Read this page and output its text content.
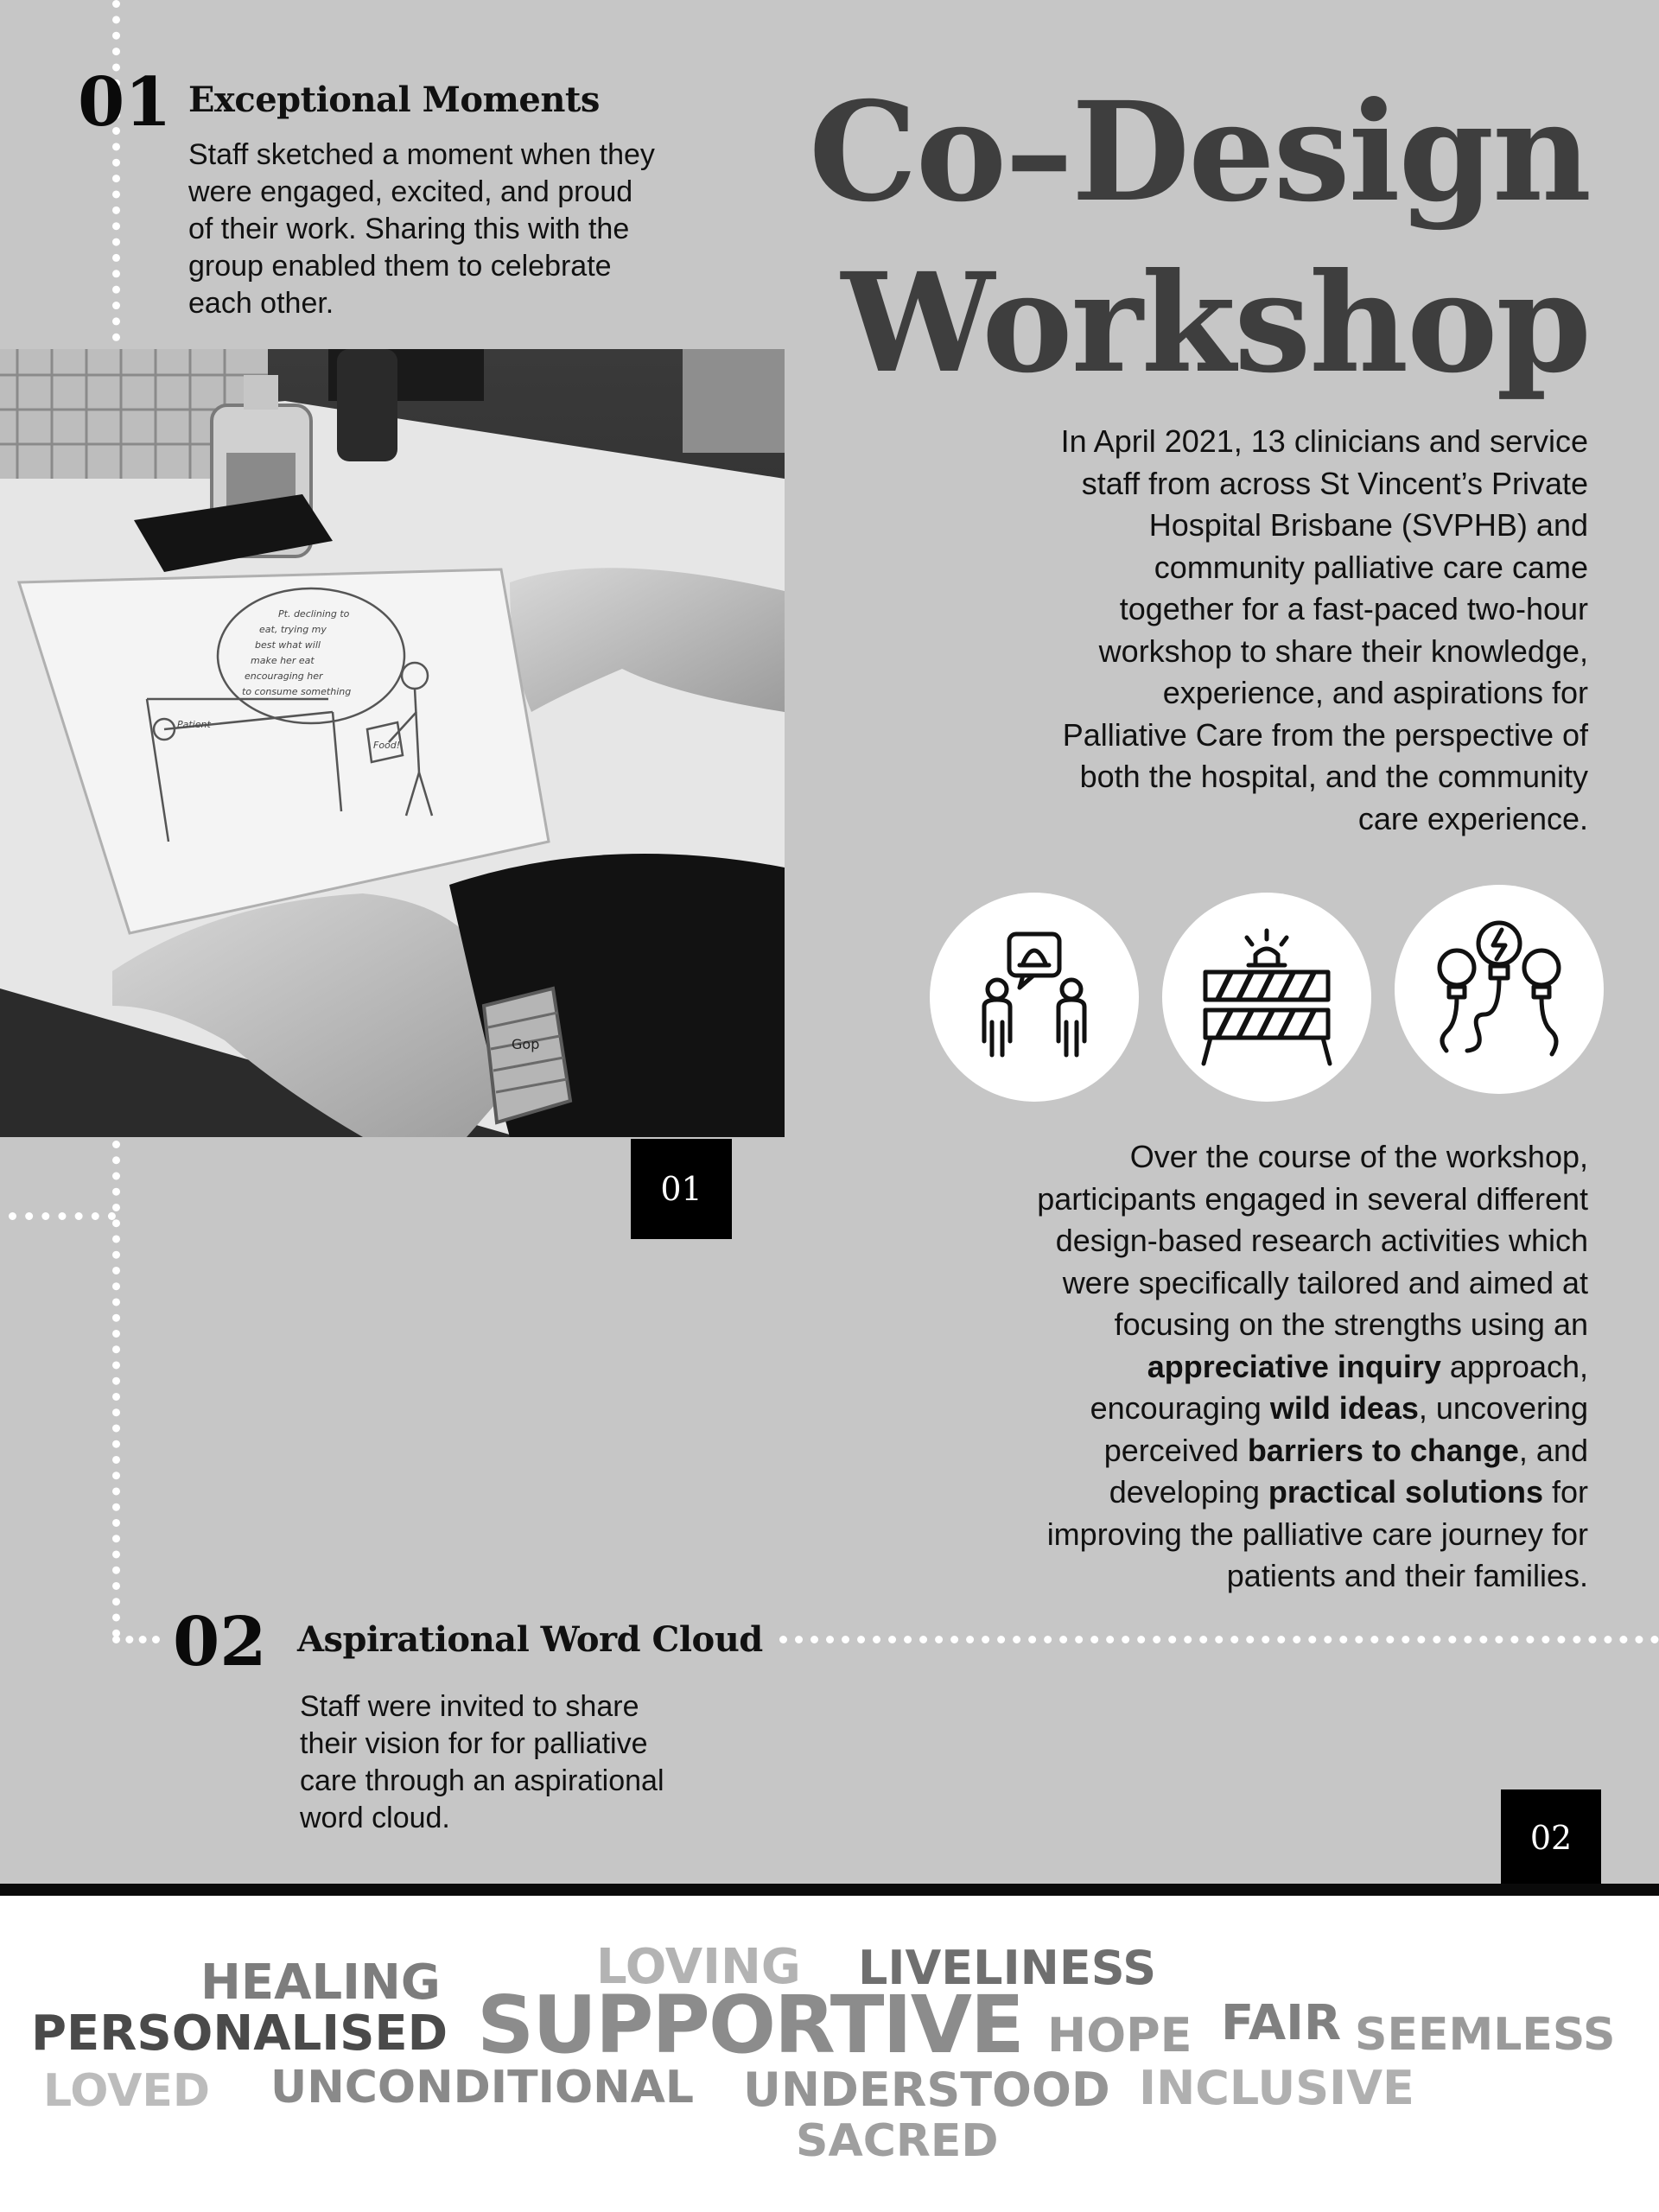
01 Exceptional Moments
Staff sketched a moment when they
were engaged, excited, and proud
of their work. Sharing this with the
group enabled them to celebrate
each other.
Co–Design
Workshop
In April 2021, 13 clinicians and service
staff from across St Vincent’s Private
Hospital Brisbane (SVPHB) and
community palliative care came
together for a fast-paced two-hour
workshop to share their knowledge,
experience, and aspirations for
Palliative Care from the perspective of
both the hospital, and the community
care experience.
Pt. declining to
eat, trying my
best what will
make her eat
encouraging her
to consume something
Patient
Food!
Gop
01
Over the course of the workshop,
participants engaged in several different
design-based research activities which
were specifically tailored and aimed at
focusing on the strengths using an
appreciative inquiry approach,
encouraging wild ideas, uncovering
perceived barriers to change, and
developing practical solutions for
improving the palliative care journey for
patients and their families.
02 Aspirational Word Cloud
Staff were invited to share
their vision for for palliative
care through an aspirational
word cloud.
02
HEALING	LOVING LIVELINESS
PERSONALISED SUPPORTIVE HOPE FAIR SEEMLESS
LOVED UNCONDITIONAL UNDERSTOOD INCLUSIVE
SACRED
